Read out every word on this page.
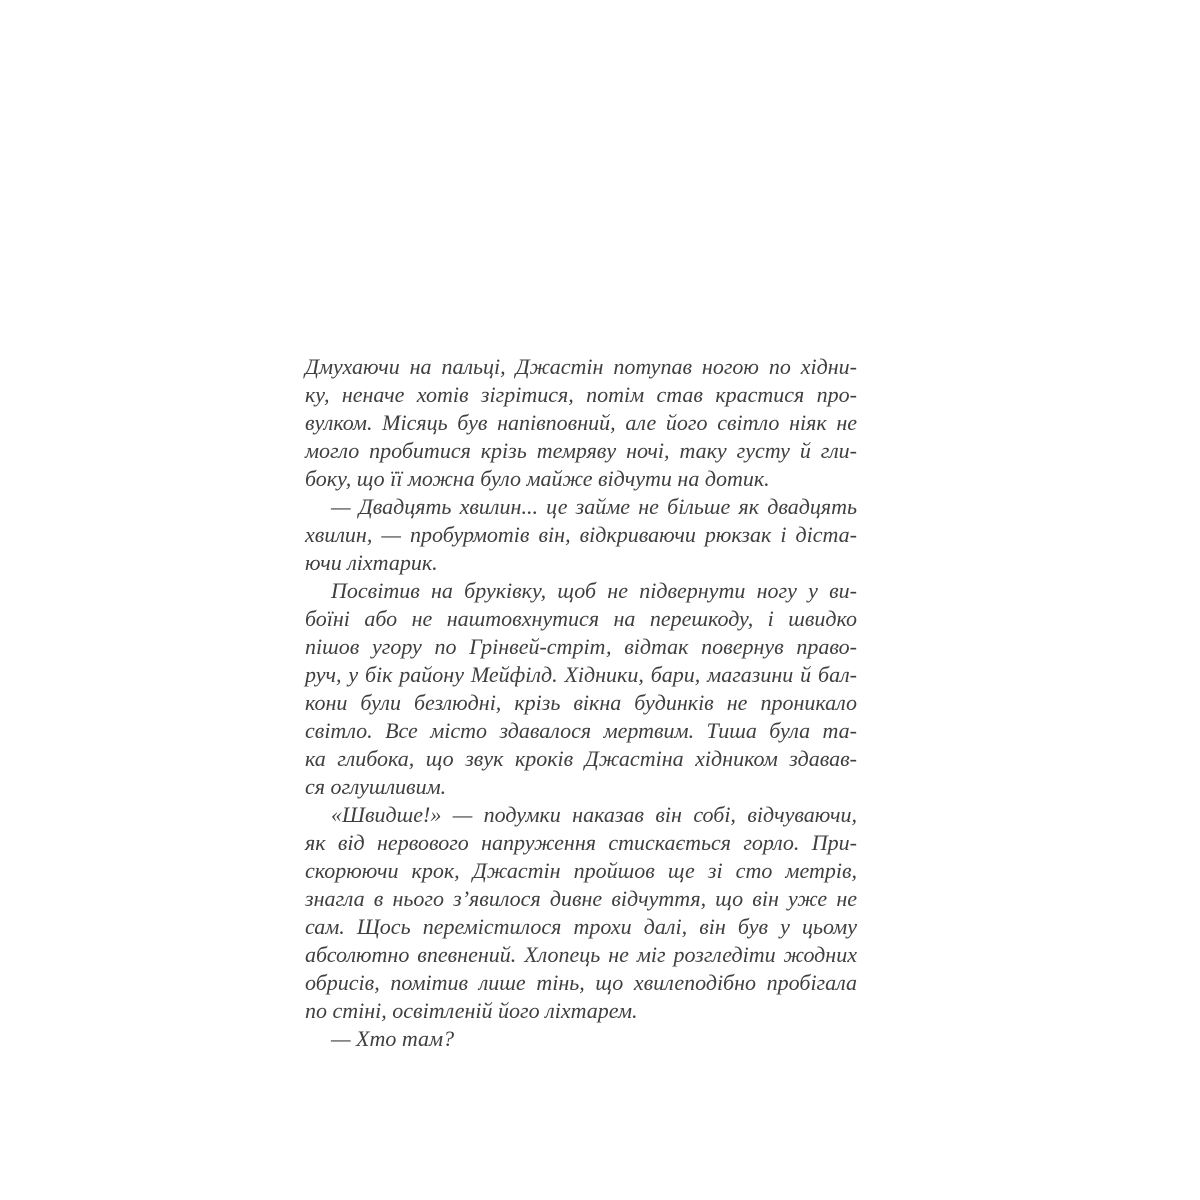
Дмухаючи на пальці, Джастін потупав ногою по хідни-
ку, неначе хотів зігрітися, потім став крастися про-
вулком. Місяць був напівповний, але його світло ніяк не
могло пробитися крізь темряву ночі, таку густу й гли-
боку, що її можна було майже відчути на дотик.

— Двадцять хвилин... це займе не більше як двадцять
хвилин, — пробурмотів він, відкриваючи рюкзак і діста-
ючи ліхтарик.

Посвітив на бруківку, щоб не підвернути ногу у ви-
боїні або не наштовхнутися на перешкоду, і швидко
пішов угору по Грінвей-стріт, відтак повернув право-
руч, у бік району Мейфілд. Хідники, бари, магазини й бал-
кони були безлюдні, крізь вікна будинків не проникало
світло. Все місто здавалося мертвим. Тиша була та-
ка глибока, що звук кроків Джастіна хідником здавав-
ся оглушливим.

«Швидше!» — подумки наказав він собі, відчуваючи,
як від нервового напруження стискається горло. При-
скорюючи крок, Джастін пройшов ще зі сто метрів,
знагла в нього з’явилося дивне відчуття, що він уже не
сам. Щось перемістилося трохи далі, він був у цьому
абсолютно впевнений. Хлопець не міг розгледіти жодних
обрисів, помітив лише тінь, що хвилеподібно пробігала
по стіні, освітленій його ліхтарем.

— Хто там?
